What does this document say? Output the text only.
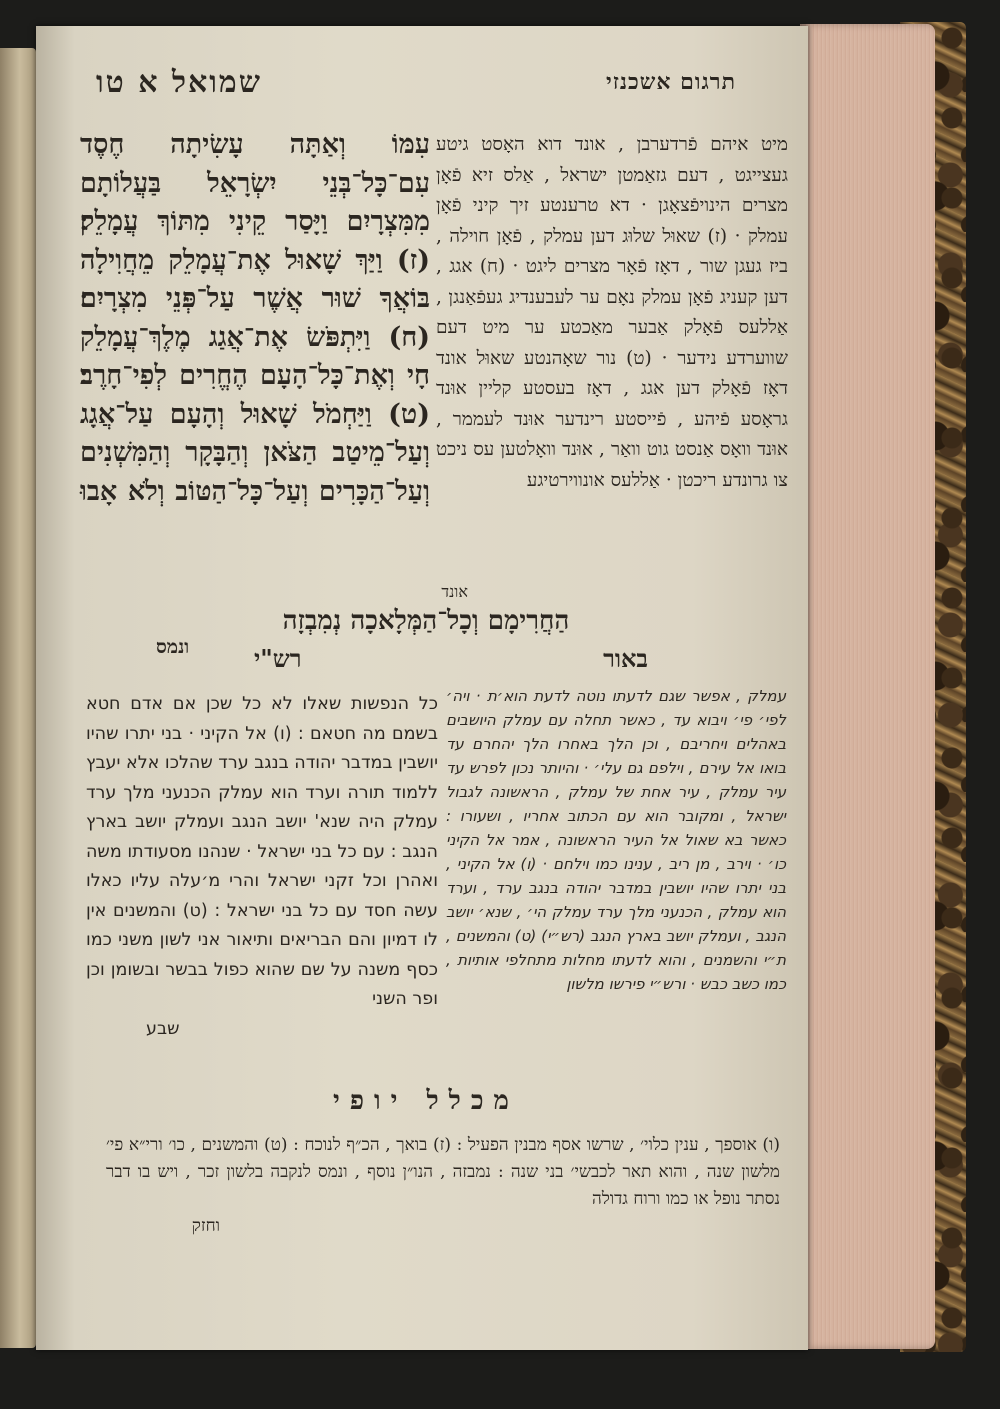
תרגום אשכנזי
שמואל א טו
מיט איהם פֿרדערבן , אונד דוא האָסט גיטע געצייגט , דעם גזאַמטן ישראל , אַלס זיא פֿאָן מצרים הינויפֿצאָגן · דא טרענטע זיך קיני פֿאָן עמלק · (ז) שאוּל שלוּג דען עמלק , פֿאָן חוילה , ביז געגן שור , דאָז פֿאָר מצרים ליגט · (ח) אגג , דען קעניג פֿאָן עמלק נאָם ער לעבענדיג געפֿאַנגן , אַללעס פֿאָלק אַבער מאַכטע ער מיט דעם שווערדע נידער · (ט) נור שאָהנטע שאוּל אונד דאָז פֿאָלק דען אגג , דאָז בעסטע קליין אוּנד גראָסע פֿיהע , פֿייסטע רינדער אוּנד לעממר , אוּנד וואָס אַנסט גוט וואַר , אוּנד וואָלטען עס ניכט צו גרונדע ריכטן · אַללעס אונווירטיגע
אונד
עִמּוֹ וְאַתָּה עָשִׂיתָה חֶסֶד עִם־כָּל־בְּנֵי יִשְׂרָאֵל בַּעֲלוֹתָם מִמִּצְרָיִם וַיָּסַר קֵינִי מִתּוֹךְ עֲמָלֵק׃ (ז) וַיַּךְ שָׁאוּל אֶת־עֲמָלֵק מֵחֲוִילָה בּוֹאֲךָ שׁוּר אֲשֶׁר עַל־פְּנֵי מִצְרָיִם׃ (ח) וַיִּתְפֹּשׂ אֶת־אֲגַג מֶלֶךְ־עֲמָלֵק חָי וְאֶת־כָּל־הָעָם הֶחֱרִים לְפִי־חָרֶב׃ (ט) וַיַּחְמֹל שָׁאוּל וְהָעָם עַל־אֲגָג וְעַל־מֵיטַב הַצֹּאן וְהַבָּקָר וְהַמִּשְׁנִים וְעַל־הַכָּרִים וְעַל־כָּל־הַטּוֹב וְלֹא אָבוּ
הַחֲרִימָם וְכָל־הַמְּלָאכָה נְמִבְזָה
ונמס	רש"י	באור
כל הנפשות שאלו לא כל שכן אם אדם חטא בשמם מה חטאם : (ו) אל הקיני · בני יתרו שהיו יושבין במדבר יהודה בנגב ערד שהלכו אלא יעבץ ללמוד תורה וערד הוא עמלק הכנעני מלך ערד עמלק היה שנא' יושב הנגב ועמלק יושב בארץ הנגב : עם כל בני ישראל · שנהנו מסעודתו משה ואהרן וכל זקני ישראל והרי מ׳עלה עליו כאלו עשה חסד עם כל בני ישראל : (ט) והמשנים אין לו דמיון והם הבריאים ותיאור אני לשון משני כמו כסף משנה על שם שהוא כפול בבשר ובשומן וכן ופר השני
שבע
עמלק , אפשר שגם לדעתו נוטה לדעת הוא׳ת · ויה׳ לפי׳ פי׳ ויבוא עד , כאשר תחלה עם עמלק היושבים באהלים ויחריבם , וכן הלך באחרו הלך יהחרם עד בואו אל עירם , וילפם גם עלי׳ · והיותר נכון לפרש עד עיר עמלק , עיר אחת של עמלק , הראשונה לגבול ישראל , ומקובר הוא עם הכתוב אחריו , ושעורו : כאשר בא שאול אל העיר הראשונה , אמר אל הקיני כו׳ · וירב , מן ריב , ענינו כמו וילחם · (ו) אל הקיני , בני יתרו שהיו יושבין במדבר יהודה בנגב ערד , וערד הוא עמלק , הכנעני מלך ערד עמלק הי׳ , שנא׳ יושב הנגב , ועמלק יושב בארץ הנגב (רש״י) (ט) והמשנים , ת״י והשמנים , והוא לדעתו מחלות מתחלפי אותיות , כמו כשב כבש · ורש״י פירשו מלשון
מכלל יופי
(ו) אוספך , ענין כלוי׳ , שרשו אסף מבנין הפעיל : (ז) בואך , הכ״ף לנוכח : (ט) והמשנים , כו׳ ורי״א פי׳ מלשון שנה , והוא תאר לכבשי׳ בני שנה : נמבזה , הנו״ן נוסף , ונמס לנקבה בלשון זכר , ויש בו דבר נסתר נופל או כמו ורוח גדולה
וחזק
